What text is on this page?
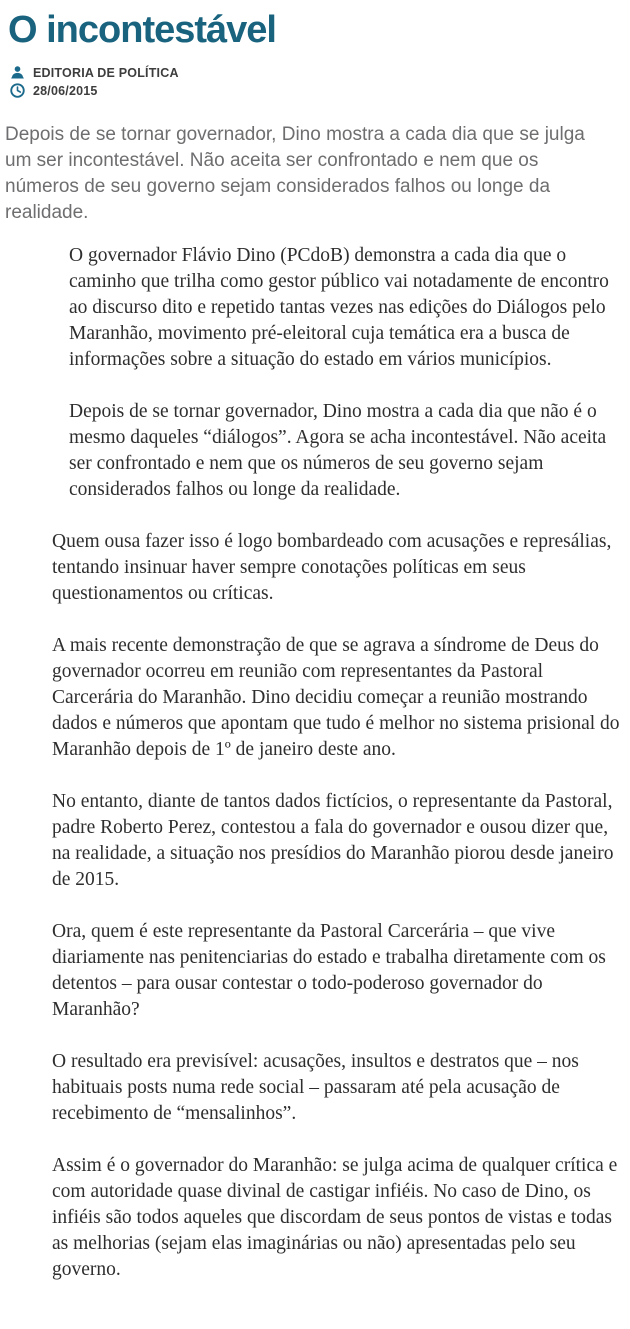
O incontestável
EDITORIA DE POLÍTICA
28/06/2015

Depois de se tornar governador, Dino mostra a cada dia que se julga um ser incontestável. Não aceita ser confrontado e nem que os números de seu governo sejam considerados falhos ou longe da realidade.

O governador Flávio Dino (PCdoB) demonstra a cada dia que o caminho que trilha como gestor público vai notadamente de encontro ao discurso dito e repetido tantas vezes nas edições do Diálogos pelo Maranhão, movimento pré-eleitoral cuja temática era a busca de informações sobre a situação do estado em vários municípios.

Depois de se tornar governador, Dino mostra a cada dia que não é o mesmo daqueles “diálogos”. Agora se acha incontestável. Não aceita ser confrontado e nem que os números de seu governo sejam considerados falhos ou longe da realidade.

Quem ousa fazer isso é logo bombardeado com acusações e represálias, tentando insinuar haver sempre conotações políticas em seus questionamentos ou críticas.

A mais recente demonstração de que se agrava a síndrome de Deus do governador ocorreu em reunião com representantes da Pastoral Carcerária do Maranhão. Dino decidiu começar a reunião mostrando dados e números que apontam que tudo é melhor no sistema prisional do Maranhão depois de 1º de janeiro deste ano.

No entanto, diante de tantos dados fictícios, o representante da Pastoral, padre Roberto Perez, contestou a fala do governador e ousou dizer que, na realidade, a situação nos presídios do Maranhão piorou desde janeiro de 2015.

Ora, quem é este representante da Pastoral Carcerária – que vive diariamente nas penitenciarias do estado e trabalha diretamente com os detentos – para ousar contestar o todo-poderoso governador do Maranhão?

O resultado era previsível: acusações, insultos e destratos que – nos habituais posts numa rede social – passaram até pela acusação de recebimento de “mensalinhos”.

Assim é o governador do Maranhão: se julga acima de qualquer crítica e com autoridade quase divinal de castigar infiéis. No caso de Dino, os infiéis são todos aqueles que discordam de seus pontos de vistas e todas as melhorias (sejam elas imaginárias ou não) apresentadas pelo seu governo.
